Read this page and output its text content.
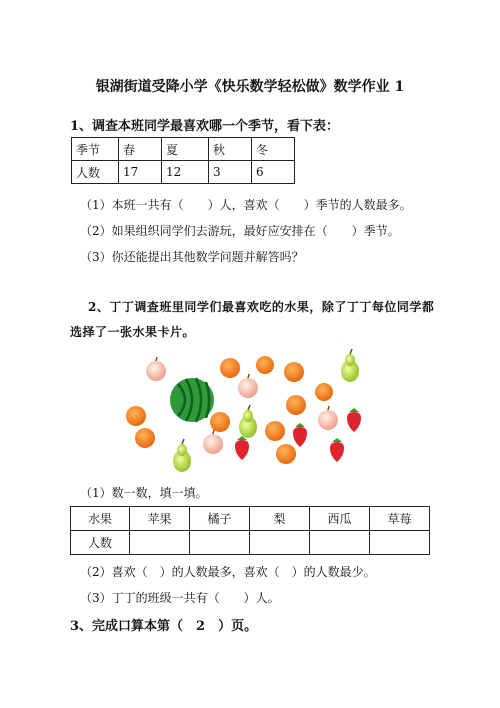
银湖街道受降小学《快乐数学轻松做》数学作业 1
1、调查本班同学最喜欢哪一个季节，看下表：
季节	春	夏	秋	冬
人数	17	12	3	6
（1）本班一共有（　　）人，喜欢（　　）季节的人数最多。
（2）如果组织同学们去游玩，最好应安排在（　　）季节。
（3）你还能提出其他数学问题并解答吗？
2、丁丁调查班里同学们最喜欢吃的水果，除了丁丁每位同学都
选择了一张水果卡片。
（1）数一数，填一填。
水果	苹果	橘子	梨	西瓜	草莓
人数					
（2）喜欢（　）的人数最多，喜欢（　）的人数最少。
（3）丁丁的班级一共有（　　）人。
3、完成口算本第（　2　）页。
